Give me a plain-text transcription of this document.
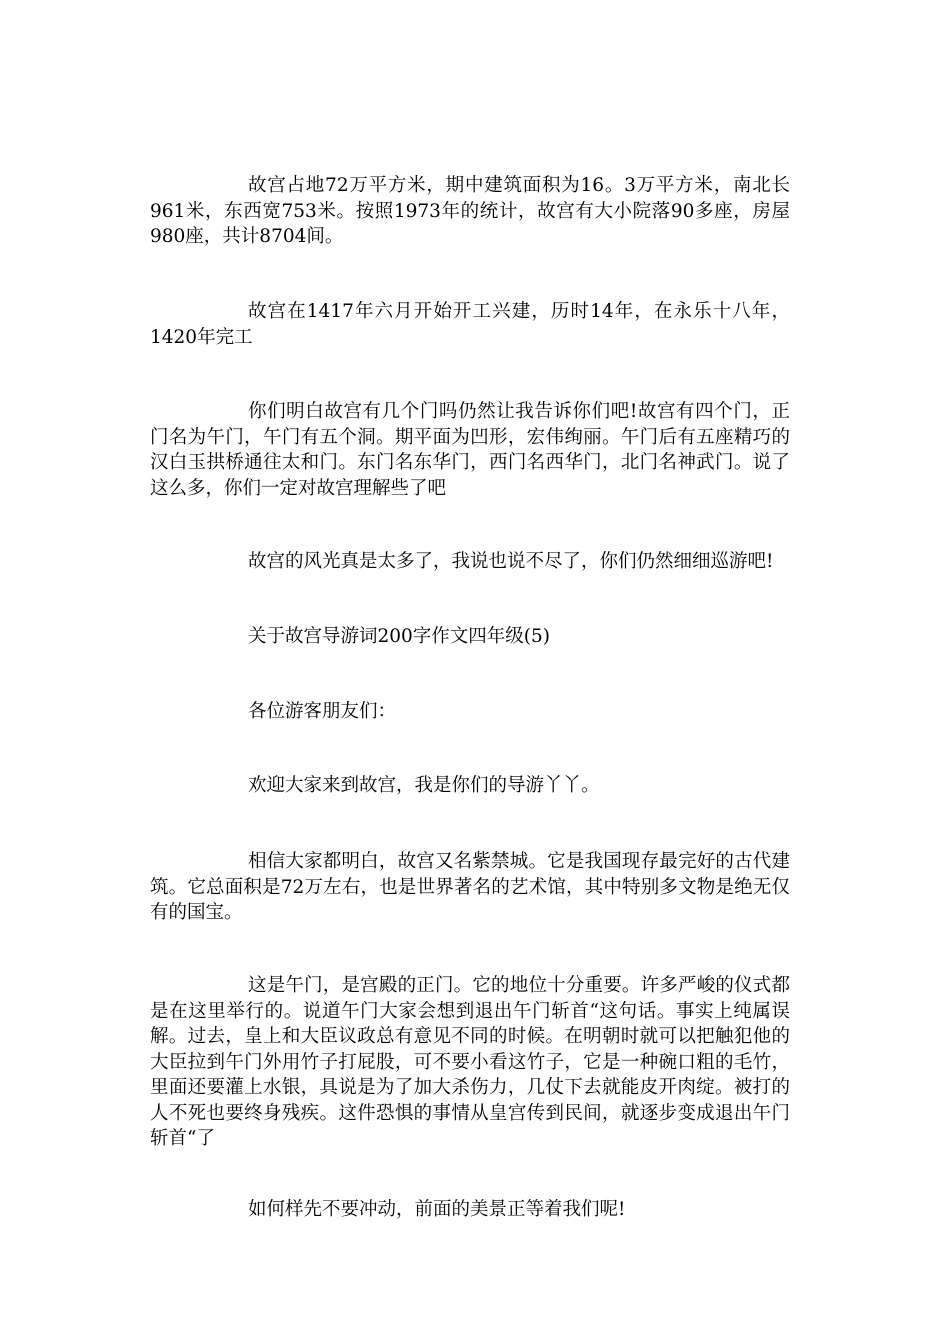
故宫占地72万平方米，期中建筑面积为16。3万平方米，南北长961米，东西宽753米。按照1973年的统计，故宫有大小院落90多座，房屋980座，共计8704间。

故宫在1417年六月开始开工兴建，历时14年，在永乐十八年，1420年完工

你们明白故宫有几个门吗仍然让我告诉你们吧!故宫有四个门，正门名为午门，午门有五个洞。期平面为凹形，宏伟绚丽。午门后有五座精巧的汉白玉拱桥通往太和门。东门名东华门，西门名西华门，北门名神武门。说了这么多，你们一定对故宫理解些了吧

故宫的风光真是太多了，我说也说不尽了，你们仍然细细巡游吧!

关于故宫导游词200字作文四年级(5)

各位游客朋友们：

欢迎大家来到故宫，我是你们的导游丫丫。

相信大家都明白，故宫又名紫禁城。它是我国现存最完好的古代建筑。它总面积是72万左右，也是世界著名的艺术馆，其中特别多文物是绝无仅有的国宝。

这是午门，是宫殿的正门。它的地位十分重要。许多严峻的仪式都是在这里举行的。说道午门大家会想到退出午门斩首“这句话。事实上纯属误解。过去，皇上和大臣议政总有意见不同的时候。在明朝时就可以把触犯他的大臣拉到午门外用竹子打屁股，可不要小看这竹子，它是一种碗口粗的毛竹，里面还要灌上水银，具说是为了加大杀伤力，几仗下去就能皮开肉绽。被打的人不死也要终身残疾。这件恐惧的事情从皇宫传到民间，就逐步变成退出午门斩首“了

如何样先不要冲动，前面的美景正等着我们呢!
